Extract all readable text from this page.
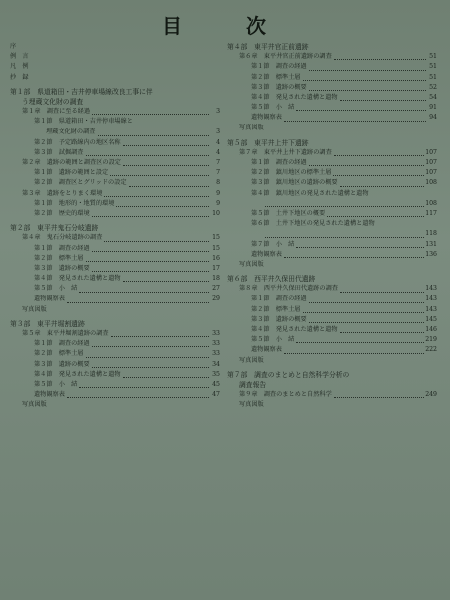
目　次
序
例　言
凡　例
抄　録
第１部　県道箱田・吉井停車場線改良工事に伴
う埋蔵文化財の調査
第１章　調査に至る経過	3
第１節　県道箱田・吉井停車場線と
埋蔵文化財の調査	3
第２節　予定路線内の地区名称	4
第３節　試掘調査	4
第２章　遺跡の範囲と調査区の設定	7
第１節　遺跡の範囲と設定	7
第２節　調査区とグリッドの設定	8
第３章　遺跡をとりまく環境	9
第１節　地形的・地質的環境	9
第２節　歴史的環境	10
第２部　東平井鬼石分岐遺跡
第４章　鬼石分岐遺跡の調査	15
第１節　調査の経過	15
第２節　標準土層	16
第３節　遺跡の概要	17
第４節　発見された遺構と遺物	18
第５節　小　結	27
遺物観察表	29
写真図版
第３部　東平井堀割遺跡
第５章　東平井堀割遺跡の調査	33
第１節　調査の経過	33
第２節　標準土層	33
第３節　遺跡の概要	34
第４節　発見された遺構と遺物	35
第５節　小　結	45
遺物観察表	47
写真図版
第４部　東平井官正前遺跡
第６章　東平井官正前遺跡の調査	51
第１節　調査の経過	51
第２節　標準土層	51
第３節　遺跡の概要	52
第４節　発見された遺構と遺物	54
第５節　小　結	91
遺物観察表	94
写真図版
第５部　東平井上井下遺跡
第７章　東平井上井下遺跡の調査	107
第１節　調査の経過	107
第２節　鎮川地区の標準土層	107
第３節　鎮川地区の遺跡の概要	108
第４節　鎮川地区の発見された遺構と遺物
108
第５節　土井下地区の概要	117
第６節　土井下地区の発見された遺構と遺物
118
第７節　小　結	131
遺物観察表	136
写真図版
第６部　西平井久保田代遺跡
第８章　西平井久保田代遺跡の調査	143
第１節　調査の経過	143
第２節　標準土層	143
第３節　遺跡の概要	145
第４節　発見された遺構と遺物	146
第５節　小　結	219
遺物観察表	222
写真図版
第７部　調査のまとめと自然科学分析の
調査報告
第９章　調査のまとめと自然科学	249
写真図版
